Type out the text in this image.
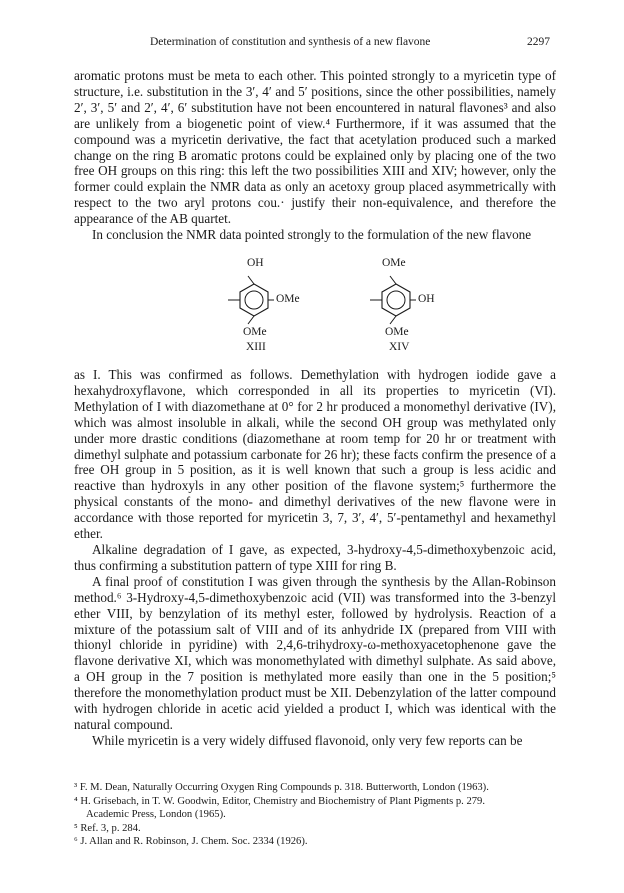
Determination of constitution and synthesis of a new flavone	2297

aromatic protons must be meta to each other. This pointed strongly to a myricetin type of structure, i.e. substitution in the 3′, 4′ and 5′ positions, since the other possibilities, namely 2′, 3′, 5′ and 2′, 4′, 6′ substitution have not been encountered in natural flavones³ and also are unlikely from a biogenetic point of view.⁴ Furthermore, if it was assumed that the compound was a myricetin derivative, the fact that acetylation produced such a marked change on the ring B aromatic protons could be explained only by placing one of the two free OH groups on this ring: this left the two possibilities XIII and XIV; however, only the former could explain the NMR data as only an acetoxy group placed asymmetrically with respect to the two aryl protons cou.· justify their non-equivalence, and therefore the appearance of the AB quartet.

In conclusion the NMR data pointed strongly to the formulation of the new flavone

OH
OMe
OMe
XIII
OMe
OH
OMe
XIV

as I. This was confirmed as follows. Demethylation with hydrogen iodide gave a hexahydroxyflavone, which corresponded in all its properties to myricetin (VI). Methylation of I with diazomethane at 0° for 2 hr produced a monomethyl derivative (IV), which was almost insoluble in alkali, while the second OH group was methylated only under more drastic conditions (diazomethane at room temp for 20 hr or treatment with dimethyl sulphate and potassium carbonate for 26 hr); these facts confirm the presence of a free OH group in 5 position, as it is well known that such a group is less acidic and reactive than hydroxyls in any other position of the flavone system;⁵ furthermore the physical constants of the mono- and dimethyl derivatives of the new flavone were in accordance with those reported for myricetin 3, 7, 3′, 4′, 5′-pentamethyl and hexamethyl ether.

Alkaline degradation of I gave, as expected, 3-hydroxy-4,5-dimethoxybenzoic acid, thus confirming a substitution pattern of type XIII for ring B.

A final proof of constitution I was given through the synthesis by the Allan-Robinson method.⁶ 3-Hydroxy-4,5-dimethoxybenzoic acid (VII) was transformed into the 3-benzyl ether VIII, by benzylation of its methyl ester, followed by hydrolysis. Reaction of a mixture of the potassium salt of VIII and of its anhydride IX (prepared from VIII with thionyl chloride in pyridine) with 2,4,6-trihydroxy-ω-methoxyacetophenone gave the flavone derivative XI, which was monomethylated with dimethyl sulphate. As said above, a OH group in the 7 position is methylated more easily than one in the 5 position;⁵ therefore the monomethylation product must be XII. Debenzylation of the latter compound with hydrogen chloride in acetic acid yielded a product I, which was identical with the natural compound.

While myricetin is a very widely diffused flavonoid, only very few reports can be

³ F. M. Dean, Naturally Occurring Oxygen Ring Compounds p. 318. Butterworth, London (1963).

⁴ H. Grisebach, in T. W. Goodwin, Editor, Chemistry and Biochemistry of Plant Pigments p. 279.

Academic Press, London (1965).

⁵ Ref. 3, p. 284.

⁶ J. Allan and R. Robinson, J. Chem. Soc. 2334 (1926).
